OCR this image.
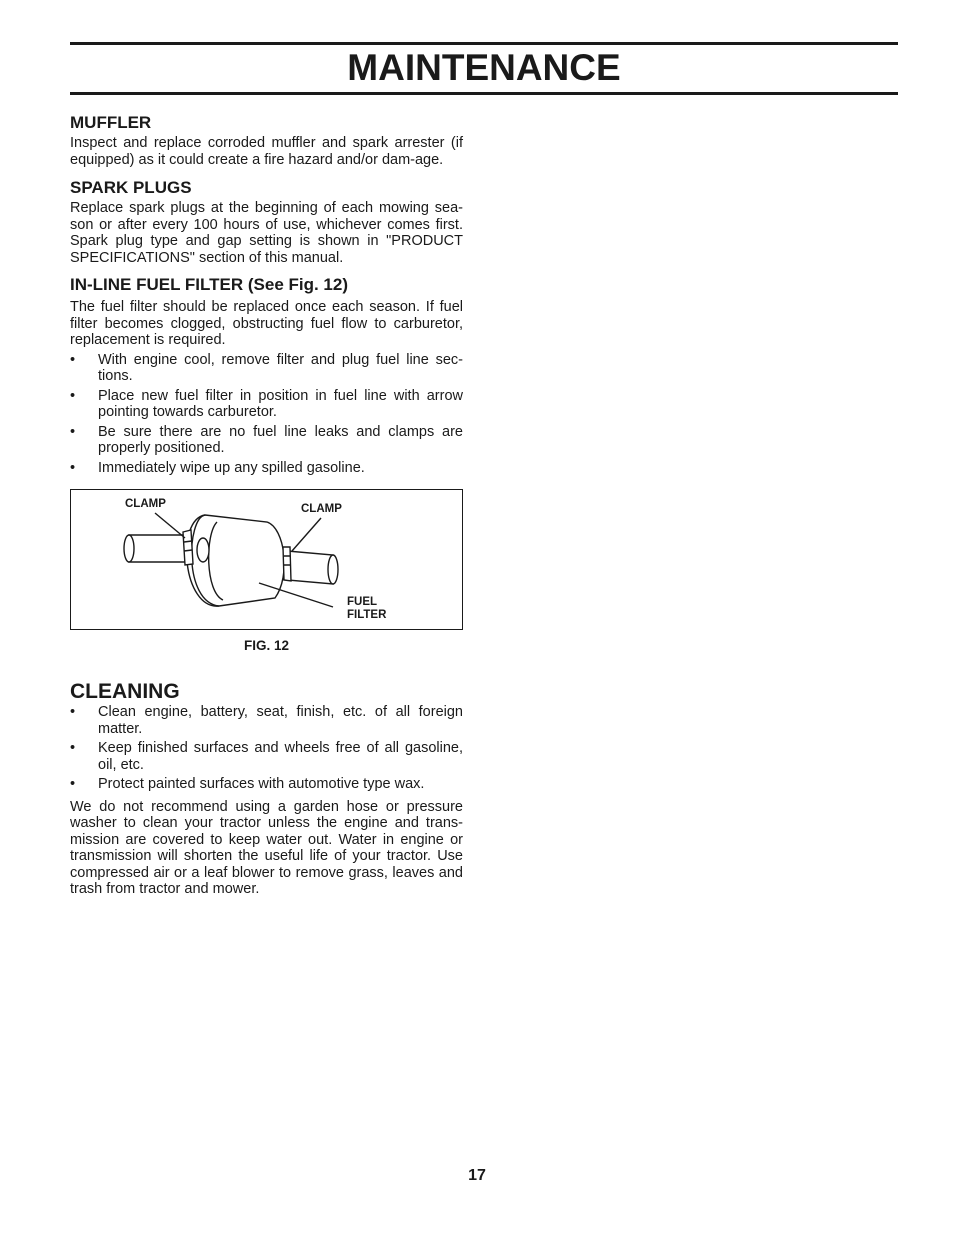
MAINTENANCE
MUFFLER

Inspect and replace corroded muffler and spark arrester (if equipped) as it could create a fire hazard and/or dam-age.

SPARK PLUGS

Replace spark plugs at the beginning of each mowing sea-son or after every 100 hours of use, whichever comes first. Spark plug type and gap setting is shown in "PRODUCT SPECIFICATIONS" section of this manual.

IN-LINE FUEL FILTER (See Fig. 12)

The fuel filter should be replaced once each season. If fuel filter becomes clogged, obstructing fuel flow to carburetor, replacement is required.

• With engine cool, remove filter and plug fuel line sec-tions.
• Place new fuel filter in position in fuel line with arrow pointing towards carburetor.
• Be sure there are no fuel line leaks and clamps are properly positioned.
• Immediately wipe up any spilled gasoline.
CLAMP	CLAMP
FUEL
FILTER
FIG. 12
CLEANING
• Clean engine, battery, seat, finish, etc. of all foreign matter.
• Keep finished surfaces and wheels free of all gasoline, oil, etc.
• Protect painted surfaces with automotive type wax.

We do not recommend using a garden hose or pressure washer to clean your tractor unless the engine and trans-mission are covered to keep water out. Water in engine or transmission will shorten the useful life of your tractor. Use compressed air or a leaf blower to remove grass, leaves and trash from tractor and mower.

17
